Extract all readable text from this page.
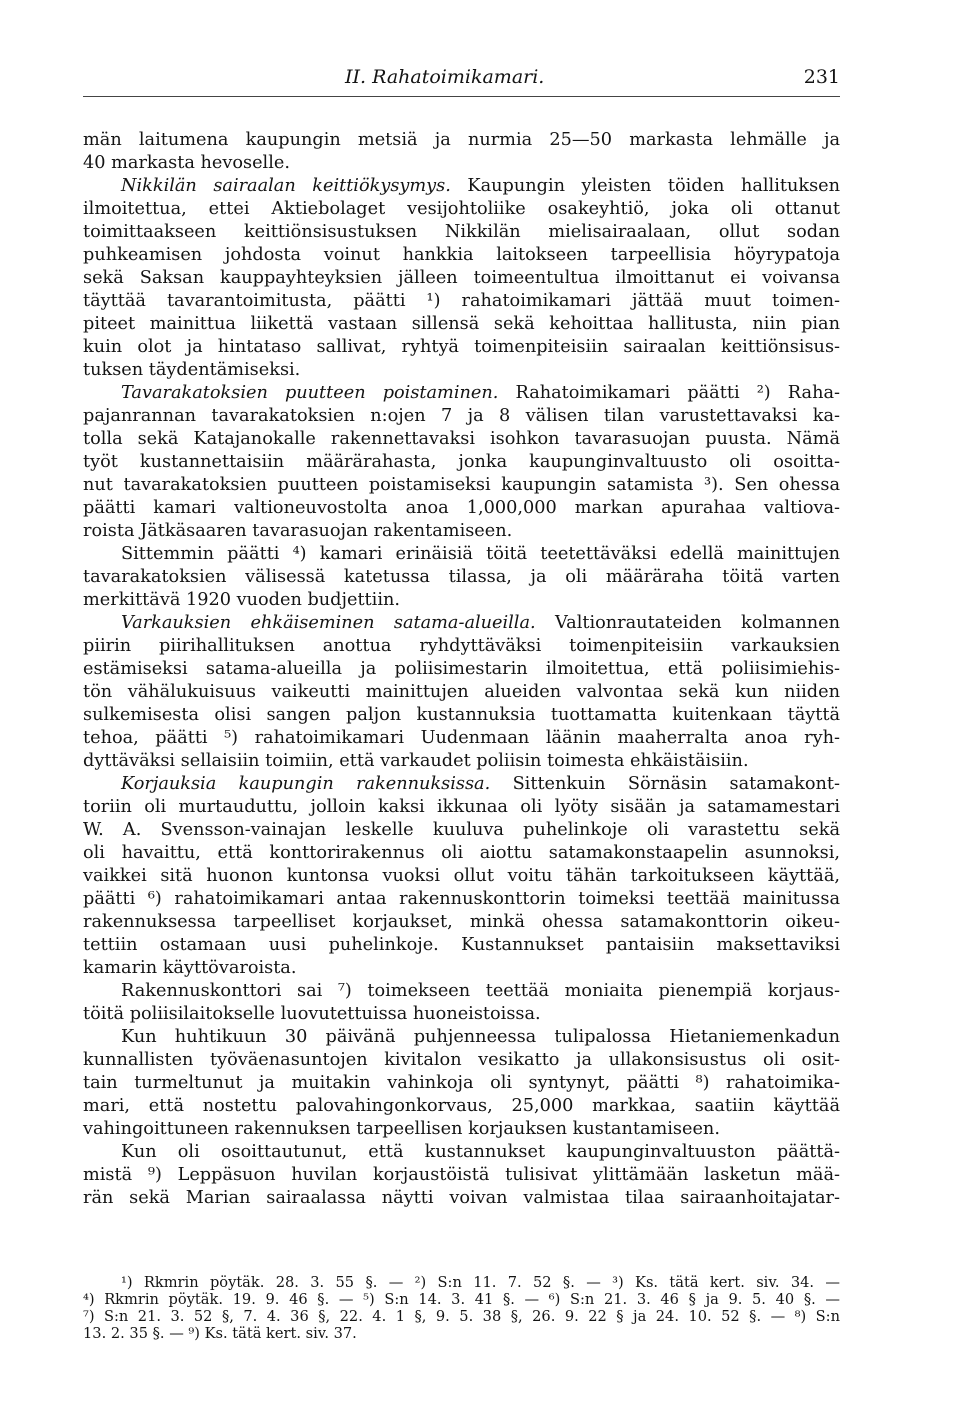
II. Rahatoimikamari.	231
män laitumena kaupungin metsiä ja nurmia 25—50 markasta lehmälle ja
40 markasta hevoselle.
Nikkilän sairaalan keittiökysymys. Kaupungin yleisten töiden hallituksen
ilmoitettua, ettei Aktiebolaget vesijohtoliike osakeyhtiö, joka oli ottanut
toimittaakseen keittiönsisustuksen Nikkilän mielisairaalaan, ollut sodan
puhkeamisen johdosta voinut hankkia laitokseen tarpeellisia höyrypatoja
sekä Saksan kauppayhteyksien jälleen toimeentultua ilmoittanut ei voivansa
täyttää tavarantoimitusta, päätti ¹) rahatoimikamari jättää muut toimen-
piteet mainittua liikettä vastaan sillensä sekä kehoittaa hallitusta, niin pian
kuin olot ja hintataso sallivat, ryhtyä toimenpiteisiin sairaalan keittiönsisus-
tuksen täydentämiseksi.
Tavarakatoksien puutteen poistaminen. Rahatoimikamari päätti ²) Raha-
pajanrannan tavarakatoksien n:ojen 7 ja 8 välisen tilan varustettavaksi ka-
tolla sekä Katajanokalle rakennettavaksi isohkon tavarasuojan puusta. Nämä
työt kustannettaisiin määrärahasta, jonka kaupunginvaltuusto oli osoitta-
nut tavarakatoksien puutteen poistamiseksi kaupungin satamista ³). Sen ohessa
päätti kamari valtioneuvostolta anoa 1,000,000 markan apurahaa valtiova-
roista Jätkäsaaren tavarasuojan rakentamiseen.
Sittemmin päätti ⁴) kamari erinäisiä töitä teetettäväksi edellä mainittujen
tavarakatoksien välisessä katetussa tilassa, ja oli määräraha töitä varten
merkittävä 1920 vuoden budjettiin.
Varkauksien ehkäiseminen satama-alueilla. Valtionrautateiden kolmannen
piirin piirihallituksen anottua ryhdyttäväksi toimenpiteisiin varkauksien
estämiseksi satama-alueilla ja poliisimestarin ilmoitettua, että poliisimiehis-
tön vähälukuisuus vaikeutti mainittujen alueiden valvontaa sekä kun niiden
sulkemisesta olisi sangen paljon kustannuksia tuottamatta kuitenkaan täyttä
tehoa, päätti ⁵) rahatoimikamari Uudenmaan läänin maaherralta anoa ryh-
dyttäväksi sellaisiin toimiin, että varkaudet poliisin toimesta ehkäistäisiin.
Korjauksia kaupungin rakennuksissa. Sittenkuin Sörnäsin satamakont-
toriin oli murtauduttu, jolloin kaksi ikkunaa oli lyöty sisään ja satamamestari
W. A. Svensson-vainajan leskelle kuuluva puhelinkoje oli varastettu sekä
oli havaittu, että konttorirakennus oli aiottu satamakonstaapelin asunnoksi,
vaikkei sitä huonon kuntonsa vuoksi ollut voitu tähän tarkoitukseen käyttää,
päätti ⁶) rahatoimikamari antaa rakennuskonttorin toimeksi teettää mainitussa
rakennuksessa tarpeelliset korjaukset, minkä ohessa satamakonttorin oikeu-
tettiin ostamaan uusi puhelinkoje. Kustannukset pantaisiin maksettaviksi
kamarin käyttövaroista.
Rakennuskonttori sai ⁷) toimekseen teettää moniaita pienempiä korjaus-
töitä poliisilaitokselle luovutettuissa huoneistoissa.
Kun huhtikuun 30 päivänä puhjenneessa tulipalossa Hietaniemenkadun
kunnallisten työväenasuntojen kivitalon vesikatto ja ullakonsisustus oli osit-
tain turmeltunut ja muitakin vahinkoja oli syntynyt, päätti ⁸) rahatoimika-
mari, että nostettu palovahingonkorvaus, 25,000 markkaa, saatiin käyttää
vahingoittuneen rakennuksen tarpeellisen korjauksen kustantamiseen.
Kun oli osoittautunut, että kustannukset kaupunginvaltuuston päättä-
mistä ⁹) Leppäsuon huvilan korjaustöistä tulisivat ylittämään lasketun mää-
rän sekä Marian sairaalassa näytti voivan valmistaa tilaa sairaanhoitajatar-
¹) Rkmrin pöytäk. 28. 3. 55 §. — ²) S:n 11. 7. 52 §. — ³) Ks. tätä kert. siv. 34. —
⁴) Rkmrin pöytäk. 19. 9. 46 §. — ⁵) S:n 14. 3. 41 §. — ⁶) S:n 21. 3. 46 § ja 9. 5. 40 §. —
⁷) S:n 21. 3. 52 §, 7. 4. 36 §, 22. 4. 1 §, 9. 5. 38 §, 26. 9. 22 § ja 24. 10. 52 §. — ⁸) S:n
13. 2. 35 §. — ⁹) Ks. tätä kert. siv. 37.
